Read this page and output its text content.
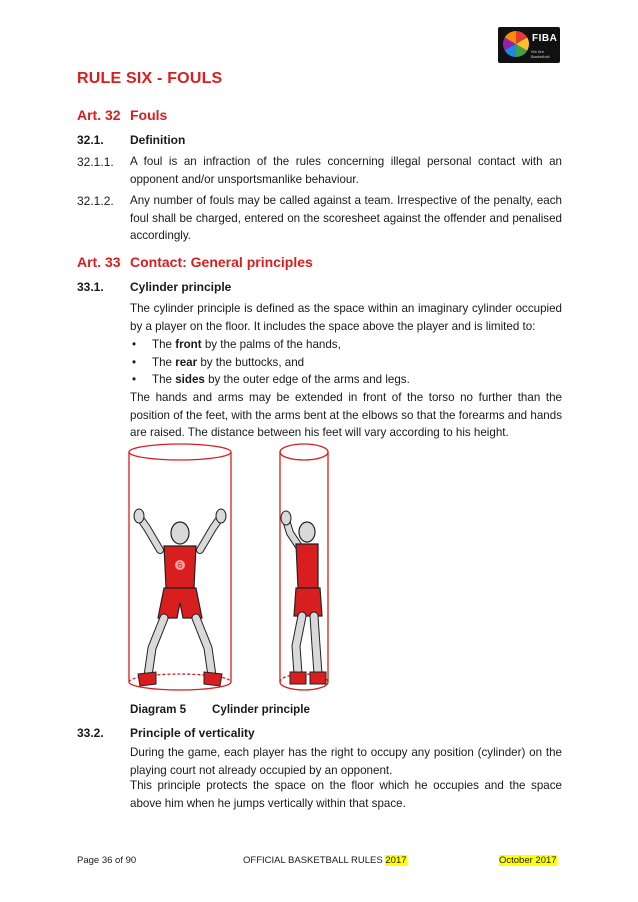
FIBA
We Are Basketball
RULE SIX - FOULS
Art. 32 Fouls
32.1. Definition
32.1.1. A foul is an infraction of the rules concerning illegal personal contact with an opponent and/or unsportsmanlike behaviour.
32.1.2. Any number of fouls may be called against a team. Irrespective of the penalty, each foul shall be charged, entered on the scoresheet against the offender and penalised accordingly.
Art. 33 Contact: General principles
33.1. Cylinder principle
The cylinder principle is defined as the space within an imaginary cylinder occupied by a player on the floor. It includes the space above the player and is limited to:
• The front by the palms of the hands,
• The rear by the buttocks, and
• The sides by the outer edge of the arms and legs.
The hands and arms may be extended in front of the torso no further than the position of the feet, with the arms bent at the elbows so that the forearms and hands are raised. The distance between his feet will vary according to his height.
6
Diagram 5 Cylinder principle
33.2. Principle of verticality
During the game, each player has the right to occupy any position (cylinder) on the playing court not already occupied by an opponent.
This principle protects the space on the floor which he occupies and the space above him when he jumps vertically within that space.
Page 36 of 90	OFFICIAL BASKETBALL RULES 2017	October 2017
